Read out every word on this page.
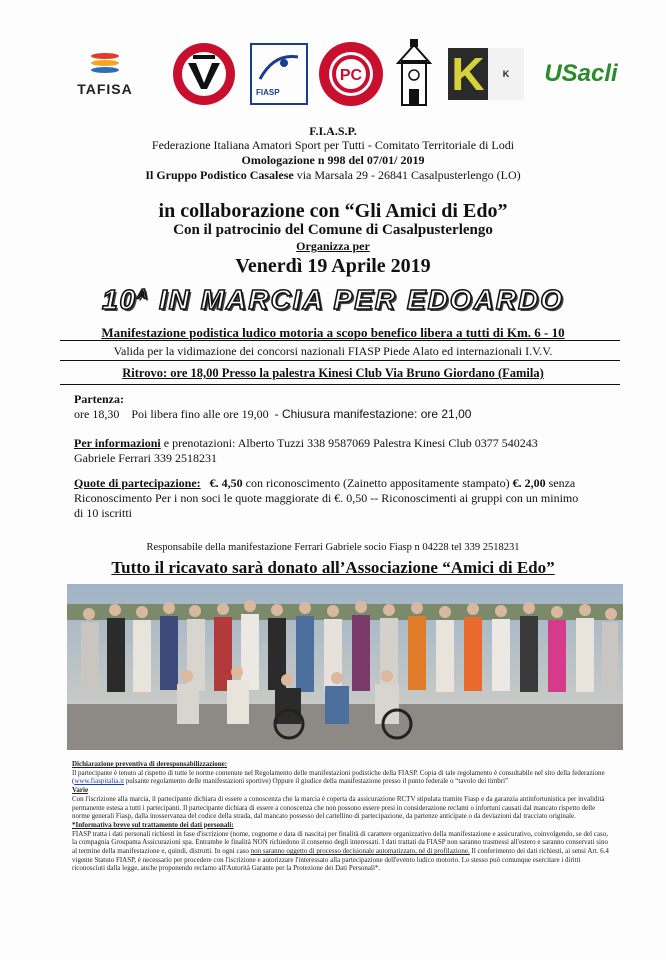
TAFISA	FIASP
PC K	K	USacli
F.I.A.S.P.
Federazione Italiana Amatori Sport per Tutti - Comitato Territoriale di Lodi
Omologazione n 998 del 07/01/ 2019
Il Gruppo Podistico Casalese via Marsala 29 - 26841 Casalpusterlengo (LO)
in collaborazione con “Gli Amici di Edo”
Con il patrocinio del Comune di Casalpusterlengo
Organizza per
Venerdì 19 Aprile 2019
$10^A$ IN MARCIA PER EDOARDO
Manifestazione podistica ludico motoria a scopo benefico libera a tutti di Km. 6 - 10
Valida per la vidimazione dei concorsi nazionali FIASP Piede Alato ed internazionali I.V.V.
Ritrovo: ore 18,00 Presso la palestra Kinesi Club Via Bruno Giordano (Famila)
Partenza:
ore 18,30 Poi libera fino alle ore 19,00  - Chiusura manifestazione: ore 21,00
Per informazioni e prenotazioni: Alberto Tuzzi 338 9587069 Palestra Kinesi Club 0377 540243
Gabriele Ferrari 339 2518231
Quote di partecipazione: €. 4,50 con riconoscimento (Zainetto appositamente stampato) €. 2,00 senza
Riconoscimento Per i non soci le quote maggiorate di €. 0,50 -- Riconoscimenti ai gruppi con un minimo
di 10 iscritti
Responsabile della manifestazione Ferrari Gabriele socio Fiasp n 04228 tel 339 2518231
Tutto il ricavato sarà donato all’Associazione “Amici di Edo”
Dichiarazione preventiva di deresponsabilizzazione:
Il partecipante è tenuto al rispetto di tutte le norme contenute nel Regolamento delle manifestazioni podistiche della FIASP. Copia di tale regolamento è consultabile nel sito della federazione (www.fiaspitalia.it pulsante regolamento delle manifestazioni sportive) Oppure il giudice della manifestazione presso il punto federale o “tavolo dei timbri”
Varie
Con l'iscrizione alla marcia, il partecipante dichiara di essere a conoscenza che la marcia è coperta da assicurazione RCTV stipulata tramite Fiasp e da garanzia antinfortunistica per invalidità permanente estesa a tutti i partecipanti. Il partecipante dichiara di essere a conoscenza che non possono essere presi in considerazione reclami o infortuni causati dal mancato rispetto delle norme generali Fiasp, dalla inosservanza del codice della strada, dal mancato possesso del cartellino di partecipazione, da partenze anticipate o da deviazioni dal tracciato originale.
*Informativa breve sul trattamento dei dati personali:
FIASP tratta i dati personali richiesti in fase d'iscrizione (nome, cognome e data di nascita) per finalità di carattere organizzativo della manifestazione e assicurativo, coinvolgendo, se del caso, la compagnia Groupama Assicurazioni spa. Entrambe le finalità NON richiedono il consenso degli interessati. I dati trattati da FIASP non saranno trasmessi all'estero e saranno conservati sino al termine della manifestazione e, quindi, distrutti. In ogni caso non saranno oggetto di processo decisionale automatizzato, né di profilazione. Il conferimento dei dati richiesti, ai sensi Art. 6.4 vigente Statuto FIASP, è necessario per procedere con l'iscrizione e autorizzare l'interessato alla partecipazione dell'evento ludico motorio. Lo stesso può comunque esercitare i diritti riconosciuti dalla legge, anche proponendo reclamo all'Autorità Garante per la Protezione dei Dati Personali*.
